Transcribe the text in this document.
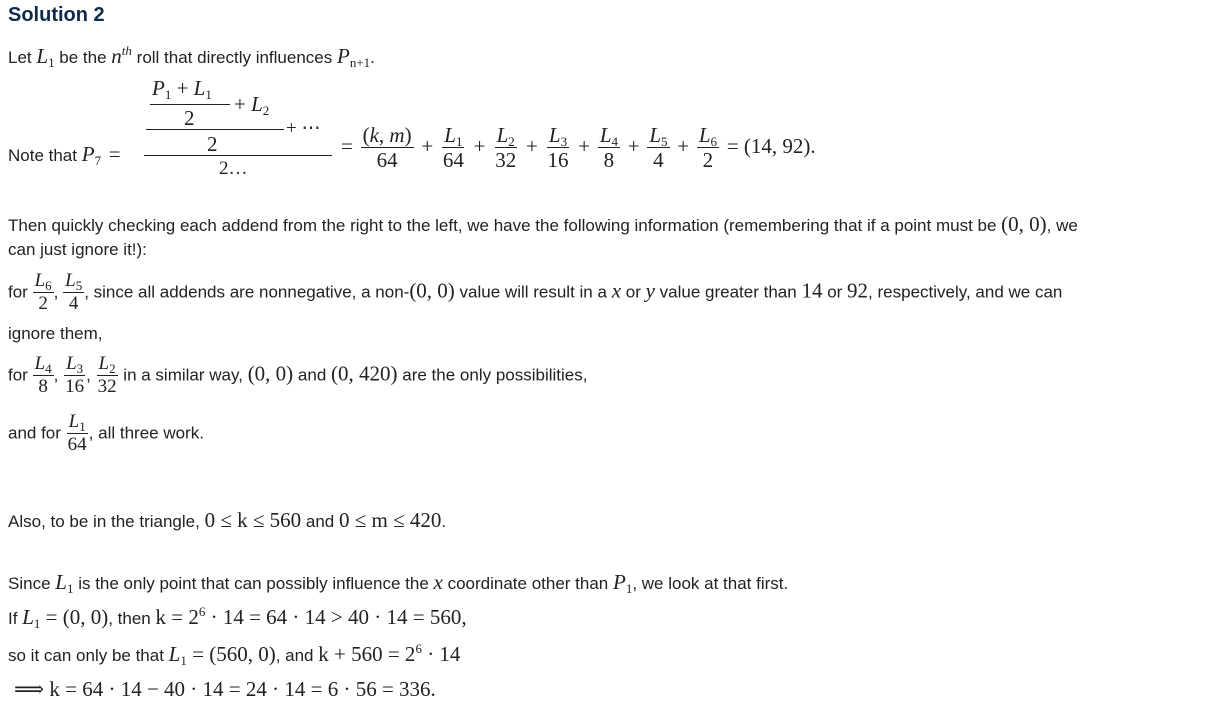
Solution 2
Let L1 be the $n^{th}$ roll that directly influences Pn+1.
Note that P7 =
P1 + L1
2
+ L2
+ ⋯
2
2…
= $\frac{(k, m)}{64} + \frac{L1}{64} + \frac{L2}{32} + \frac{L3}{16} + \frac{L4}{8} + \frac{L5}{4} + \frac{L6}{2} = (14$, 92).
Then quickly checking each addend from the right to the left, we have the following information (remembering that if a point must be (0, 0), we
can just ignore it!):
for $\frac{L_6}{2}$ , $\frac{L_5}{4}$ , since all addends are nonnegative, a non-(0, 0) value will result in a x or y value greater than 14 or 92, respectively, and we can
ignore them,
for $\frac{L_4}{8}$ , $\frac{L_3}{16}$ , $\frac{L_2}{32}$ in a similar way, (0, 0) and (0, 420) are the only possibilities,
and for $\frac{L_1}{64}$ , all three work.
Also, to be in the triangle, 0 ≤ k ≤ 560 and 0 ≤ m ≤ 420.
Since L1 is the only point that can possibly influence the x coordinate other than P1, we look at that first.
If L1 = (0, 0), then $k = 2^6 \cdot 14 = 64 \cdot 14 > 40 \cdot 14 = 560$,
so it can only be that L1 = (560, 0), and $k + 560 = 2^6 \cdot 14$
⟹ k = 64 · 14 − 40 · 14 = 24 · 14 = 6 · 56 = 336.
